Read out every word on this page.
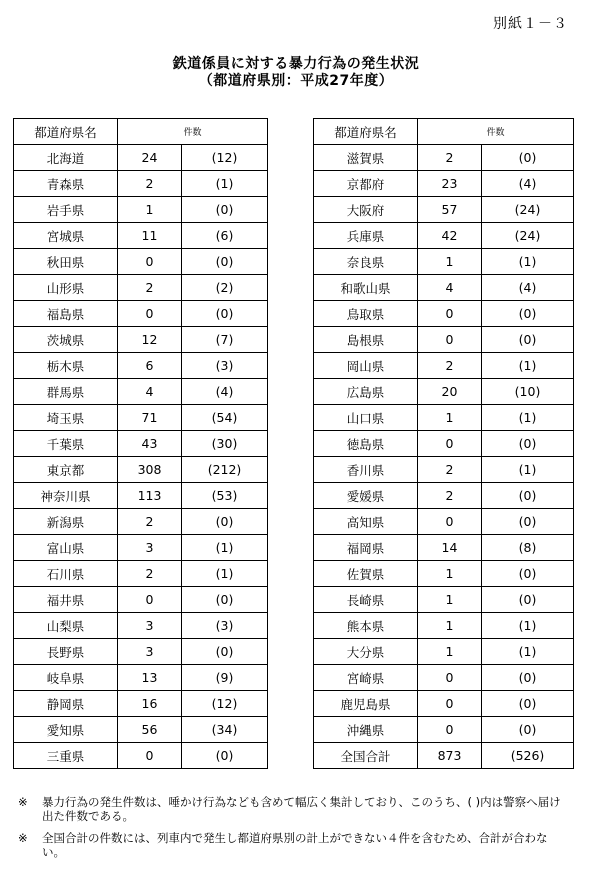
別紙１－３
鉄道係員に対する暴力行為の発生状況
（都道府県別：平成27年度）
都道府県名	件数	
北海道	24	(12)
青森県	2	(1)
岩手県	1	(0)
宮城県	11	(6)
秋田県	0	(0)
山形県	2	(2)
福島県	0	(0)
茨城県	12	(7)
栃木県	6	(3)
群馬県	4	(4)
埼玉県	71	(54)
千葉県	43	(30)
東京都	308	(212)
神奈川県	113	(53)
新潟県	2	(0)
富山県	3	(1)
石川県	2	(1)
福井県	0	(0)
山梨県	3	(3)
長野県	3	(0)
岐阜県	13	(9)
静岡県	16	(12)
愛知県	56	(34)
三重県	0	(0)
都道府県名	件数	
滋賀県	2	(0)
京都府	23	(4)
大阪府	57	(24)
兵庫県	42	(24)
奈良県	1	(1)
和歌山県	4	(4)
鳥取県	0	(0)
島根県	0	(0)
岡山県	2	(1)
広島県	20	(10)
山口県	1	(1)
徳島県	0	(0)
香川県	2	(1)
愛媛県	2	(0)
高知県	0	(0)
福岡県	14	(8)
佐賀県	1	(0)
長崎県	1	(0)
熊本県	1	(1)
大分県	1	(1)
宮崎県	0	(0)
鹿児島県	0	(0)
沖縄県	0	(0)
全国合計	873	(526)
※	暴力行為の発生件数は、唾かけ行為なども含めて幅広く集計しており、このうち、( )内は警察へ届け出た件数である。
※	全国合計の件数には、列車内で発生し都道府県別の計上ができない４件を含むため、合計が合わない。
